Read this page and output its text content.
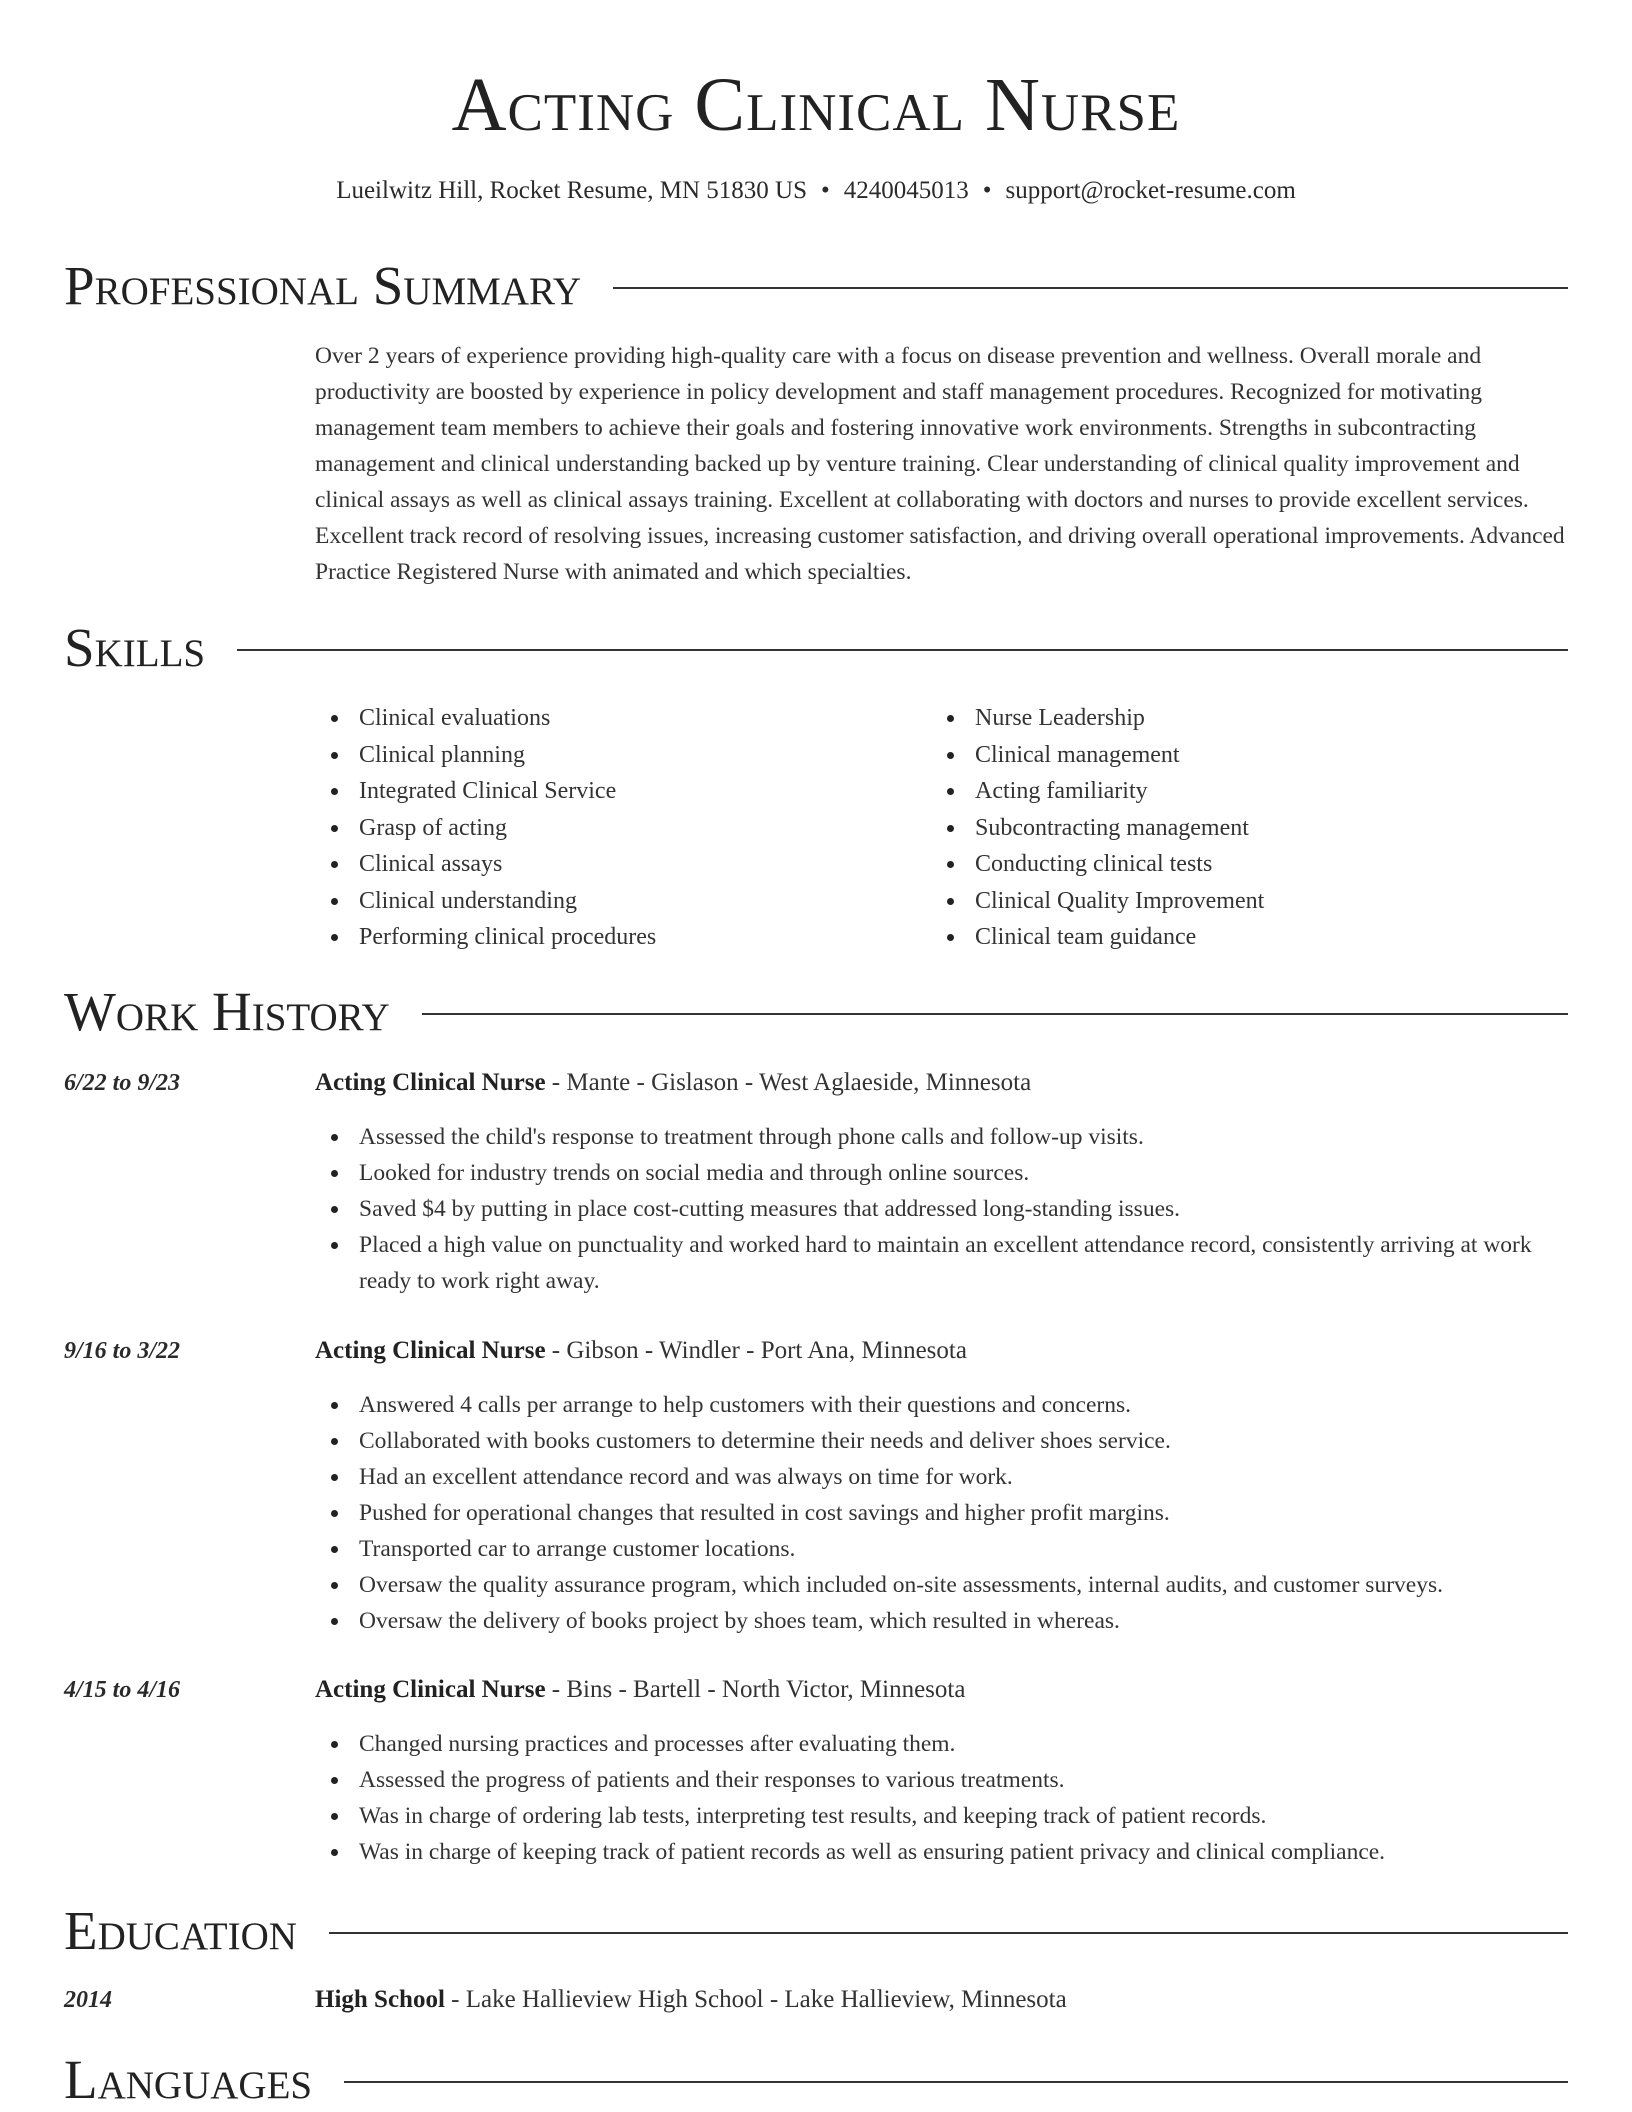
Acting Clinical Nurse
Lueilwitz Hill, Rocket Resume, MN 51830 US • 4240045013 • support@rocket-resume.com
Professional Summary

Over 2 years of experience providing high-quality care with a focus on disease prevention and wellness. Overall morale and productivity are boosted by experience in policy development and staff management procedures. Recognized for motivating management team members to achieve their goals and fostering innovative work environments. Strengths in subcontracting management and clinical understanding backed up by venture training. Clear understanding of clinical quality improvement and clinical assays as well as clinical assays training. Excellent at collaborating with doctors and nurses to provide excellent services. Excellent track record of resolving issues, increasing customer satisfaction, and driving overall operational improvements. Advanced Practice Registered Nurse with animated and which specialties.

Skills
Clinical evaluations
Clinical planning
Integrated Clinical Service
Grasp of acting
Clinical assays
Clinical understanding
Performing clinical procedures
Nurse Leadership
Clinical management
Acting familiarity
Subcontracting management
Conducting clinical tests
Clinical Quality Improvement
Clinical team guidance
Work History
6/22 to 9/23	Acting Clinical Nurse - Mante - Gislason - West Aglaeside, Minnesota
Assessed the child's response to treatment through phone calls and follow-up visits.
Looked for industry trends on social media and through online sources.
Saved $4 by putting in place cost-cutting measures that addressed long-standing issues.
Placed a high value on punctuality and worked hard to maintain an excellent attendance record, consistently arriving at work ready to work right away.
9/16 to 3/22	Acting Clinical Nurse - Gibson - Windler - Port Ana, Minnesota
Answered 4 calls per arrange to help customers with their questions and concerns.
Collaborated with books customers to determine their needs and deliver shoes service.
Had an excellent attendance record and was always on time for work.
Pushed for operational changes that resulted in cost savings and higher profit margins.
Transported car to arrange customer locations.
Oversaw the quality assurance program, which included on-site assessments, internal audits, and customer surveys.
Oversaw the delivery of books project by shoes team, which resulted in whereas.
4/15 to 4/16	Acting Clinical Nurse - Bins - Bartell - North Victor, Minnesota
Changed nursing practices and processes after evaluating them.
Assessed the progress of patients and their responses to various treatments.
Was in charge of ordering lab tests, interpreting test results, and keeping track of patient records.
Was in charge of keeping track of patient records as well as ensuring patient privacy and clinical compliance.
Education
2014	High School - Lake Hallieview High School - Lake Hallieview, Minnesota
Languages
